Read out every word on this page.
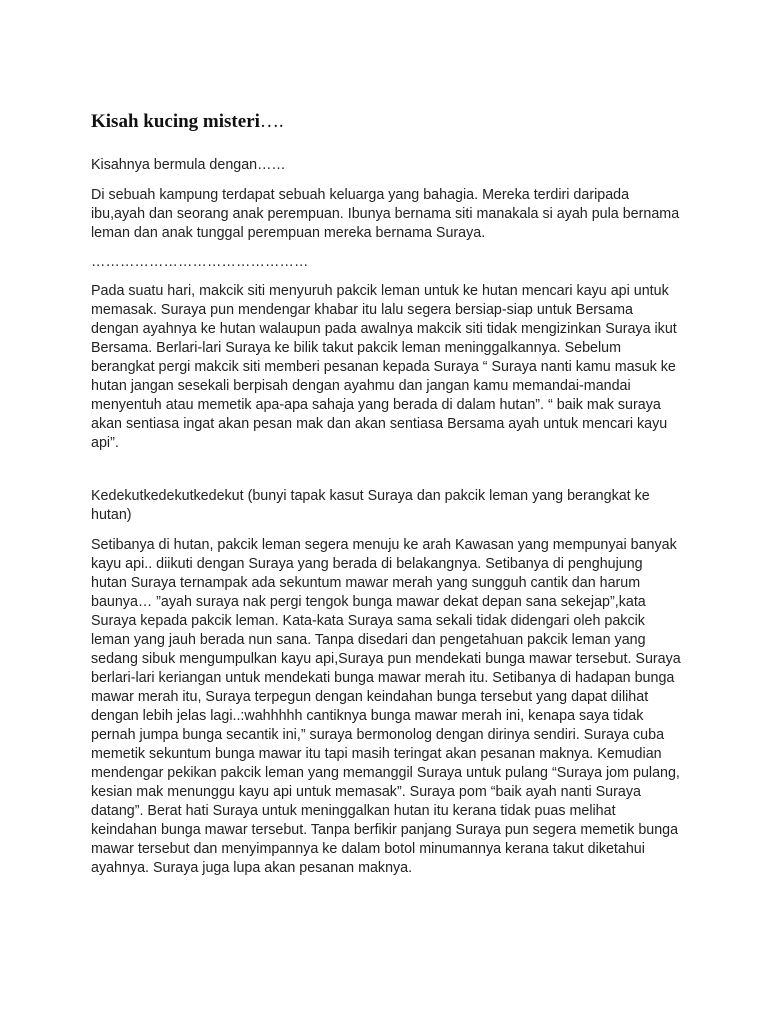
Kisah kucing misteri….

Kisahnya bermula dengan……

Di sebuah kampung terdapat sebuah keluarga yang bahagia. Mereka terdiri daripada ibu,ayah dan seorang anak perempuan. Ibunya bernama siti manakala si ayah pula bernama leman dan anak tunggal perempuan mereka bernama Suraya.

………………………………………

Pada suatu hari, makcik siti menyuruh pakcik leman untuk ke hutan mencari kayu api untuk memasak. Suraya pun mendengar khabar itu lalu segera bersiap-siap untuk Bersama dengan ayahnya ke hutan walaupun pada awalnya makcik siti tidak mengizinkan Suraya ikut Bersama. Berlari-lari Suraya ke bilik takut pakcik leman meninggalkannya. Sebelum berangkat pergi makcik siti memberi pesanan kepada Suraya “ Suraya nanti kamu masuk ke hutan jangan sesekali berpisah dengan ayahmu dan jangan kamu memandai-mandai menyentuh atau memetik apa-apa sahaja yang berada di dalam hutan”. “ baik mak suraya akan sentiasa ingat akan pesan mak dan akan sentiasa Bersama ayah untuk mencari kayu api”.

Kedekutkedekutkedekut (bunyi tapak kasut Suraya dan pakcik leman yang berangkat ke hutan)

Setibanya di hutan, pakcik leman segera menuju ke arah Kawasan yang mempunyai banyak kayu api.. diikuti dengan Suraya yang berada di belakangnya. Setibanya di penghujung hutan Suraya ternampak ada sekuntum mawar merah yang sungguh cantik dan harum baunya… ”ayah suraya nak pergi tengok bunga mawar dekat depan sana sekejap”,kata Suraya kepada pakcik leman. Kata-kata Suraya sama sekali tidak didengari oleh pakcik leman yang jauh berada nun sana. Tanpa disedari dan pengetahuan pakcik leman yang sedang sibuk mengumpulkan kayu api,Suraya pun mendekati bunga mawar tersebut. Suraya berlari-lari keriangan untuk mendekati bunga mawar merah itu. Setibanya di hadapan bunga mawar merah itu, Suraya terpegun dengan keindahan bunga tersebut yang dapat dilihat dengan lebih jelas lagi..:wahhhhh cantiknya bunga mawar merah ini, kenapa saya tidak pernah jumpa bunga secantik ini,” suraya bermonolog dengan dirinya sendiri. Suraya cuba memetik sekuntum bunga mawar itu tapi masih teringat akan pesanan maknya. Kemudian mendengar pekikan pakcik leman yang memanggil Suraya untuk pulang “Suraya jom pulang, kesian mak menunggu kayu api untuk memasak”. Suraya pom “baik ayah nanti Suraya datang”. Berat hati Suraya untuk meninggalkan hutan itu kerana tidak puas melihat keindahan bunga mawar tersebut. Tanpa berfikir panjang Suraya pun segera memetik bunga mawar tersebut dan menyimpannya ke dalam botol minumannya kerana takut diketahui ayahnya. Suraya juga lupa akan pesanan maknya.
